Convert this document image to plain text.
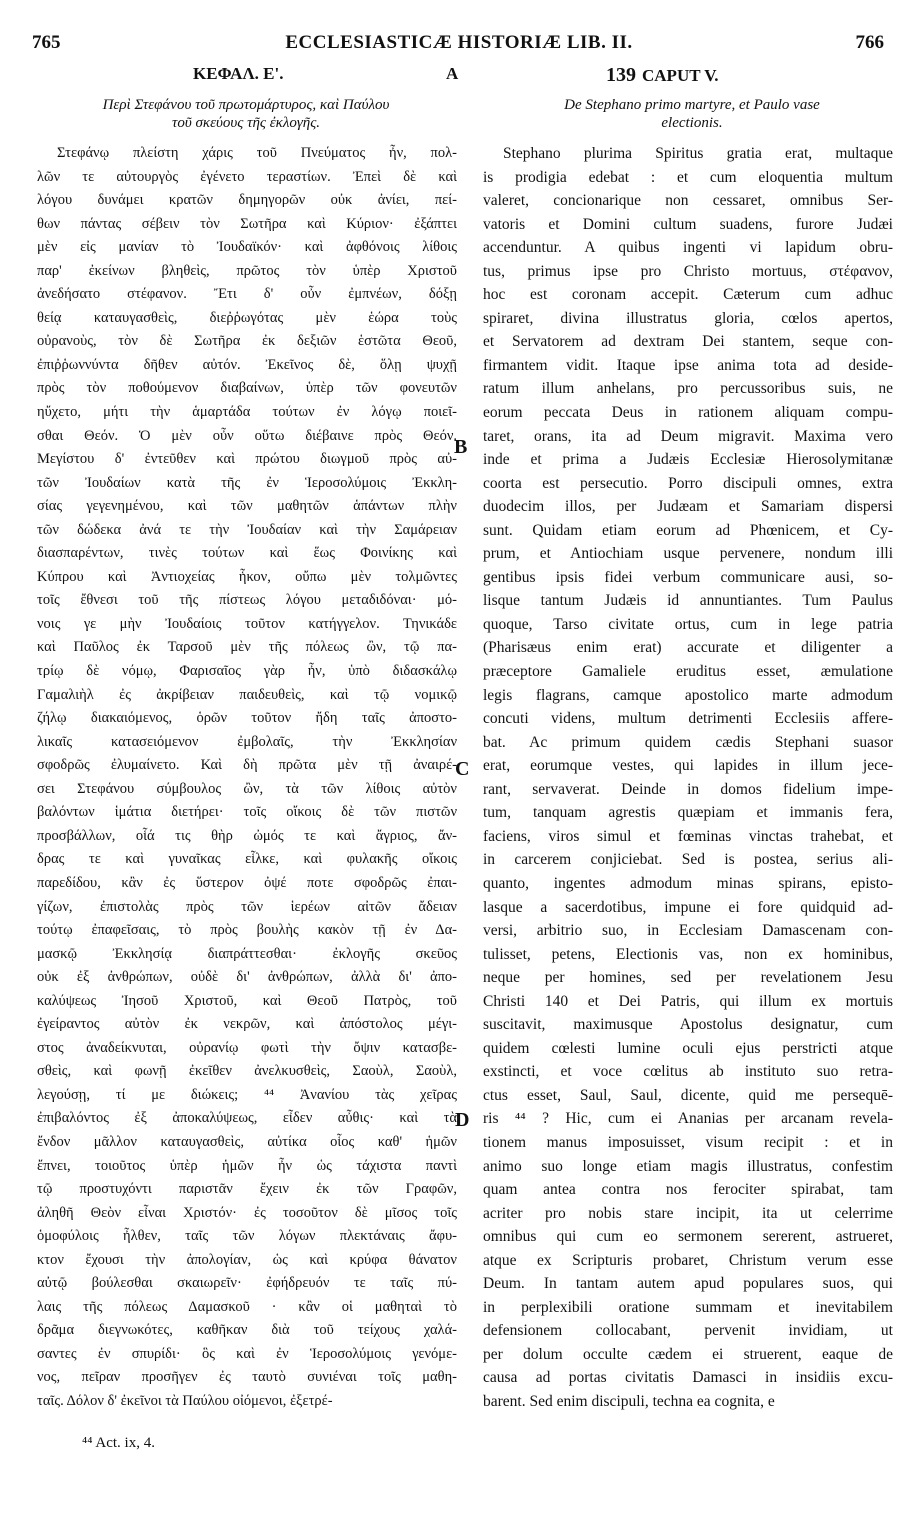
765	ECCLESIASTICÆ HISTORIÆ LIB. II.	766
ΚΕΦΑΛ. Ε'.	A	139 CAPUT V.
Περὶ Στεφάνου τοῦ πρωτομάρτυρος, καὶ Παύλου
τοῦ σκεύους τῆς ἐκλογῆς.
De Stephano primo martyre, et Paulo vase
electionis.
Στεφάνῳ πλείστη χάρις τοῦ Πνεύματος ἦν, πολ-
λῶν τε αὐτουργὸς ἐγένετο τεραστίων. Ἐπεὶ δὲ καὶ
λόγου δυνάμει κρατῶν δημηγορῶν οὐκ ἀνίει, πεί-
θων πάντας σέβειν τὸν Σωτῆρα καὶ Κύριον· ἐξάπτει
μὲν εἰς μανίαν τὸ Ἰουδαϊκόν· καὶ ἀφθόνοις λίθοις
παρ' ἐκείνων βληθεὶς, πρῶτος τὸν ὑπὲρ Χριστοῦ
ἀνεδήσατο στέφανον. Ἔτι δ' οὖν ἐμπνέων, δόξῃ
θείᾳ καταυγασθεὶς, διεῤῥωγότας μὲν ἑώρα τοὺς
οὐρανοὺς, τὸν δὲ Σωτῆρα ἐκ δεξιῶν ἑστῶτα Θεοῦ,
ἐπιῤῥωννύντα δῆθεν αὐτόν. Ἐκεῖνος δὲ, ὅλῃ ψυχῇ
πρὸς τὸν ποθούμενον διαβαίνων, ὑπὲρ τῶν φονευτῶν
ηὔχετο, μήτι τὴν ἁμαρτάδα τούτων ἐν λόγῳ ποιεῖ-
σθαι Θεόν. Ὁ μὲν οὖν οὕτω διέβαινε πρὸς Θεόν.
Μεγίστου δ' ἐντεῦθεν καὶ πρώτου διωγμοῦ πρὸς αὐ-
τῶν Ἰουδαίων κατὰ τῆς ἐν Ἱεροσολύμοις Ἐκκλη-
σίας γεγενημένου, καὶ τῶν μαθητῶν ἁπάντων πλὴν
τῶν δώδεκα ἀνά τε τὴν Ἰουδαίαν καὶ τὴν Σαμάρειαν
διασπαρέντων, τινὲς τούτων καὶ ἕως Φοινίκης καὶ
Κύπρου καὶ Ἀντιοχείας ἧκον, οὔπω μὲν τολμῶντες
τοῖς ἔθνεσι τοῦ τῆς πίστεως λόγου μεταδιδόναι· μό-
νοις γε μὴν Ἰουδαίοις τοῦτον κατήγγελον. Τηνικάδε
καὶ Παῦλος ἐκ Ταρσοῦ μὲν τῆς πόλεως ὢν, τῷ πα-
τρίῳ δὲ νόμῳ, Φαρισαῖος γὰρ ἦν, ὑπὸ διδασκάλῳ
Γαμαλιὴλ ἐς ἀκρίβειαν παιδευθεὶς, καὶ τῷ νομικῷ
ζήλῳ διακαιόμενος, ὁρῶν τοῦτον ἤδη ταῖς ἀποστο-
λικαῖς κατασειόμενον ἐμβολαῖς, τὴν Ἐκκλησίαν
σφοδρῶς ἐλυμαίνετο. Καὶ δὴ πρῶτα μὲν τῇ ἀναιρέ-
σει Στεφάνου σύμβουλος ὢν, τὰ τῶν λίθοις αὐτὸν
βαλόντων ἱμάτια διετήρει· τοῖς οἴκοις δὲ τῶν πιστῶν
προσβάλλων, οἷά τις θὴρ ὠμός τε καὶ ἄγριος, ἄν-
δρας τε καὶ γυναῖκας εἷλκε, καὶ φυλακῆς οἴκοις
παρεδίδου, κἂν ἐς ὕστερον ὀψέ ποτε σφοδρῶς ἐπαι-
γίζων, ἐπιστολὰς πρὸς τῶν ἱερέων αἰτῶν ἄδειαν
τούτῳ ἐπαφεῖσαις, τὸ πρὸς βουλὴς κακὸν τῇ ἐν Δα-
μασκῷ Ἐκκλησίᾳ διαπράττεσθαι· ἐκλογῆς σκεῦος
οὐκ ἐξ ἀνθρώπων, οὐδὲ δι' ἀνθρώπων, ἀλλὰ δι' ἀπο-
καλύψεως Ἰησοῦ Χριστοῦ, καὶ Θεοῦ Πατρὸς, τοῦ
ἐγείραντος αὐτὸν ἐκ νεκρῶν, καὶ ἀπόστολος μέγι-
στος ἀναδείκνυται, οὐρανίῳ φωτὶ τὴν ὄψιν κατασβε-
σθεὶς, καὶ φωνῇ ἐκεῖθεν ἀνελκυσθεὶς, Σαοὺλ, Σαοὺλ,
λεγούσῃ, τί με διώκεις; ⁴⁴ Ἀνανίου τὰς χεῖρας
ἐπιβαλόντος ἐξ ἀποκαλύψεως, εἶδεν αὖθις· καὶ τὰ
ἔνδον μᾶλλον καταυγασθεὶς, αὐτίκα οἷος καθ' ἡμῶν
ἔπνει, τοιοῦτος ὑπὲρ ἡμῶν ἦν ὡς τάχιστα παντὶ
τῷ προστυχόντι παριστᾶν ἔχειν ἐκ τῶν Γραφῶν,
ἀληθῆ Θεὸν εἶναι Χριστόν· ἐς τοσοῦτον δὲ μῖσος τοῖς
ὁμοφύλοις ἦλθεν, ταῖς τῶν λόγων πλεκτάναις ἄφυ-
κτον ἔχουσι τὴν ἀπολογίαν, ὡς καὶ κρύφα θάνατον
αὐτῷ βούλεσθαι σκαιωρεῖν· ἐφήδρευόν τε ταῖς πύ-
λαις τῆς πόλεως Δαμασκοῦ · κἂν οἱ μαθηταὶ τὸ
δρᾶμα διεγνωκότες, καθῆκαν διὰ τοῦ τείχους χαλά-
σαντες ἐν σπυρίδι· ὃς καὶ ἐν Ἱεροσολύμοις γενόμε-
νος, πεῖραν προσῆγεν ἐς ταυτὸ συνιέναι τοῖς μαθη-
ταῖς. Δόλον δ' ἐκεῖνοι τὰ Παύλου οἰόμενοι, ἐξετρέ-
Stephano plurima Spiritus gratia erat, multaque
is prodigia edebat : et cum eloquentia multum
valeret, concionarique non cessaret, omnibus Ser-
vatoris et Domini cultum suadens, furore Judæi
accenduntur. A quibus ingenti vi lapidum obru-
tus, primus ipse pro Christo mortuus, στέφανον,
hoc est coronam accepit. Cæterum cum adhuc
spiraret, divina illustratus gloria, cœlos apertos,
et Servatorem ad dextram Dei stantem, seque con-
firmantem vidit. Itaque ipse anima tota ad deside-
ratum illum anhelans, pro percussoribus suis, ne
eorum peccata Deus in rationem aliquam compu-
taret, orans, ita ad Deum migravit. Maxima vero
inde et prima a Judæis Ecclesiæ Hierosolymitanæ
coorta est persecutio. Porro discipuli omnes, extra
duodecim illos, per Judæam et Samariam dispersi
sunt. Quidam etiam eorum ad Phœnicem, et Cy-
prum, et Antiochiam usque pervenere, nondum illi
gentibus ipsis fidei verbum communicare ausi, so-
lisque tantum Judæis id annuntiantes. Tum Paulus
quoque, Tarso civitate ortus, cum in lege patria
(Pharisæus enim erat) accurate et diligenter a
præceptore Gamaliele eruditus esset, æmulatione
legis flagrans, camque apostolico marte admodum
concuti videns, multum detrimenti Ecclesiis affere-
bat. Ac primum quidem cædis Stephani suasor
erat, eorumque vestes, qui lapides in illum jece-
rant, servaverat. Deinde in domos fidelium impe-
tum, tanquam agrestis quæpiam et immanis fera,
faciens, viros simul et fœminas vinctas trahebat, et
in carcerem conjiciebat. Sed is postea, serius ali-
quanto, ingentes admodum minas spirans, episto-
lasque a sacerdotibus, impune ei fore quidquid ad-
versi, arbitrio suo, in Ecclesiam Damascenam con-
tulisset, petens, Electionis vas, non ex hominibus,
neque per homines, sed per revelationem Jesu
Christi 140 et Dei Patris, qui illum ex mortuis
suscitavit, maximusque Apostolus designatur, cum
quidem cœlesti lumine oculi ejus perstricti atque
exstincti, et voce cœlitus ab instituto suo retra-
ctus esset, Saul, Saul, dicente, quid me persequē-
ris ⁴⁴ ? Hic, cum ei Ananias per arcanam revela-
tionem manus imposuisset, visum recipit : et in
animo suo longe etiam magis illustratus, confestim
quam antea contra nos ferociter spirabat, tam
acriter pro nobis stare incipit, ita ut celerrime
omnibus qui cum eo sermonem sererent, astrueret,
atque ex Scripturis probaret, Christum verum esse
Deum. In tantam autem apud populares suos, qui
in perplexibili oratione summam et inevitabilem
defensionem collocabant, pervenit invidiam, ut
per dolum occulte cædem ei struerent, eaque de
causa ad portas civitatis Damasci in insidiis excu-
barent. Sed enim discipuli, techna ea cognita, e
B
C
D
⁴⁴ Act. ix, 4.
